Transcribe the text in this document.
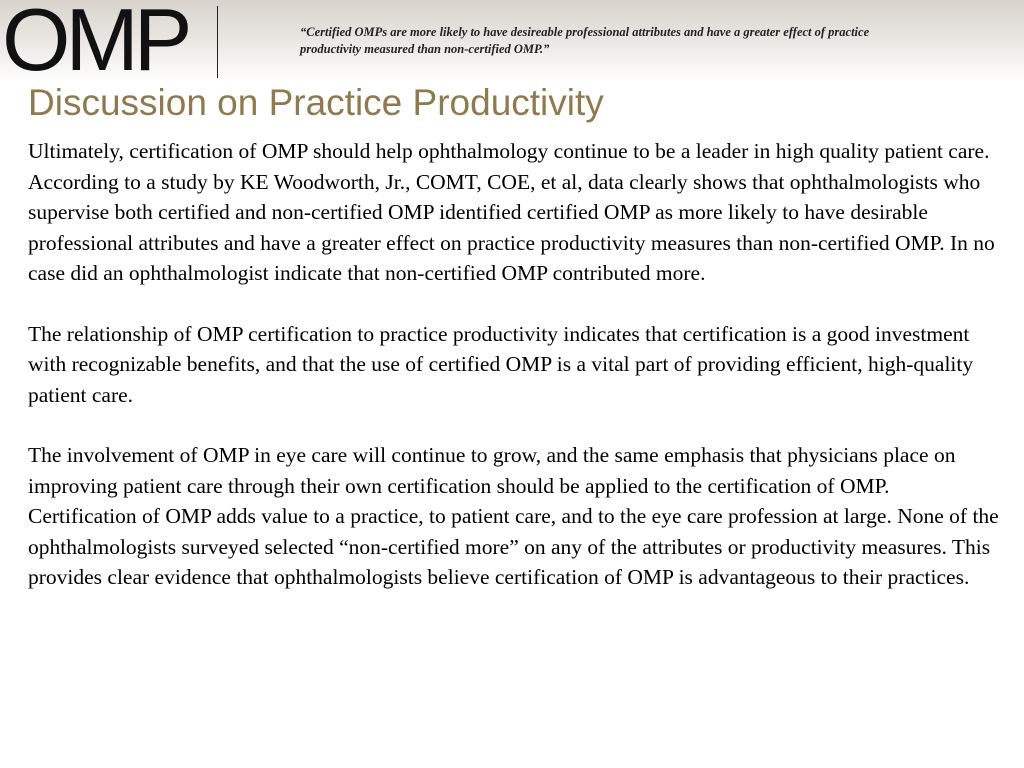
OMP	“Certified OMPs are more likely to have desireable professional attributes and have a greater effect of practice productivity measured than non-certified OMP.”
Discussion on Practice Productivity

Ultimately, certification of OMP should help ophthalmology continue to be a leader in high quality patient care. According to a study by KE Woodworth, Jr., COMT, COE, et al, data clearly shows that ophthalmologists who supervise both certified and non-certified OMP identified certified OMP as more likely to have desirable professional attributes and have a greater effect on practice productivity measures than non-certified OMP. In no case did an ophthalmologist indicate that non-certified OMP contributed more.

The relationship of OMP certification to practice productivity indicates that certification is a good investment with recognizable benefits, and that the use of certified OMP is a vital part of providing efficient, high-quality patient care.

The involvement of OMP in eye care will continue to grow, and the same emphasis that physicians place on improving patient care through their own certification should be applied to the certification of OMP. Certification of OMP adds value to a practice, to patient care, and to the eye care profession at large. None of the ophthalmologists surveyed selected “non-certified more” on any of the attributes or productivity measures. This provides clear evidence that ophthalmologists believe certification of OMP is advantageous to their practices.
